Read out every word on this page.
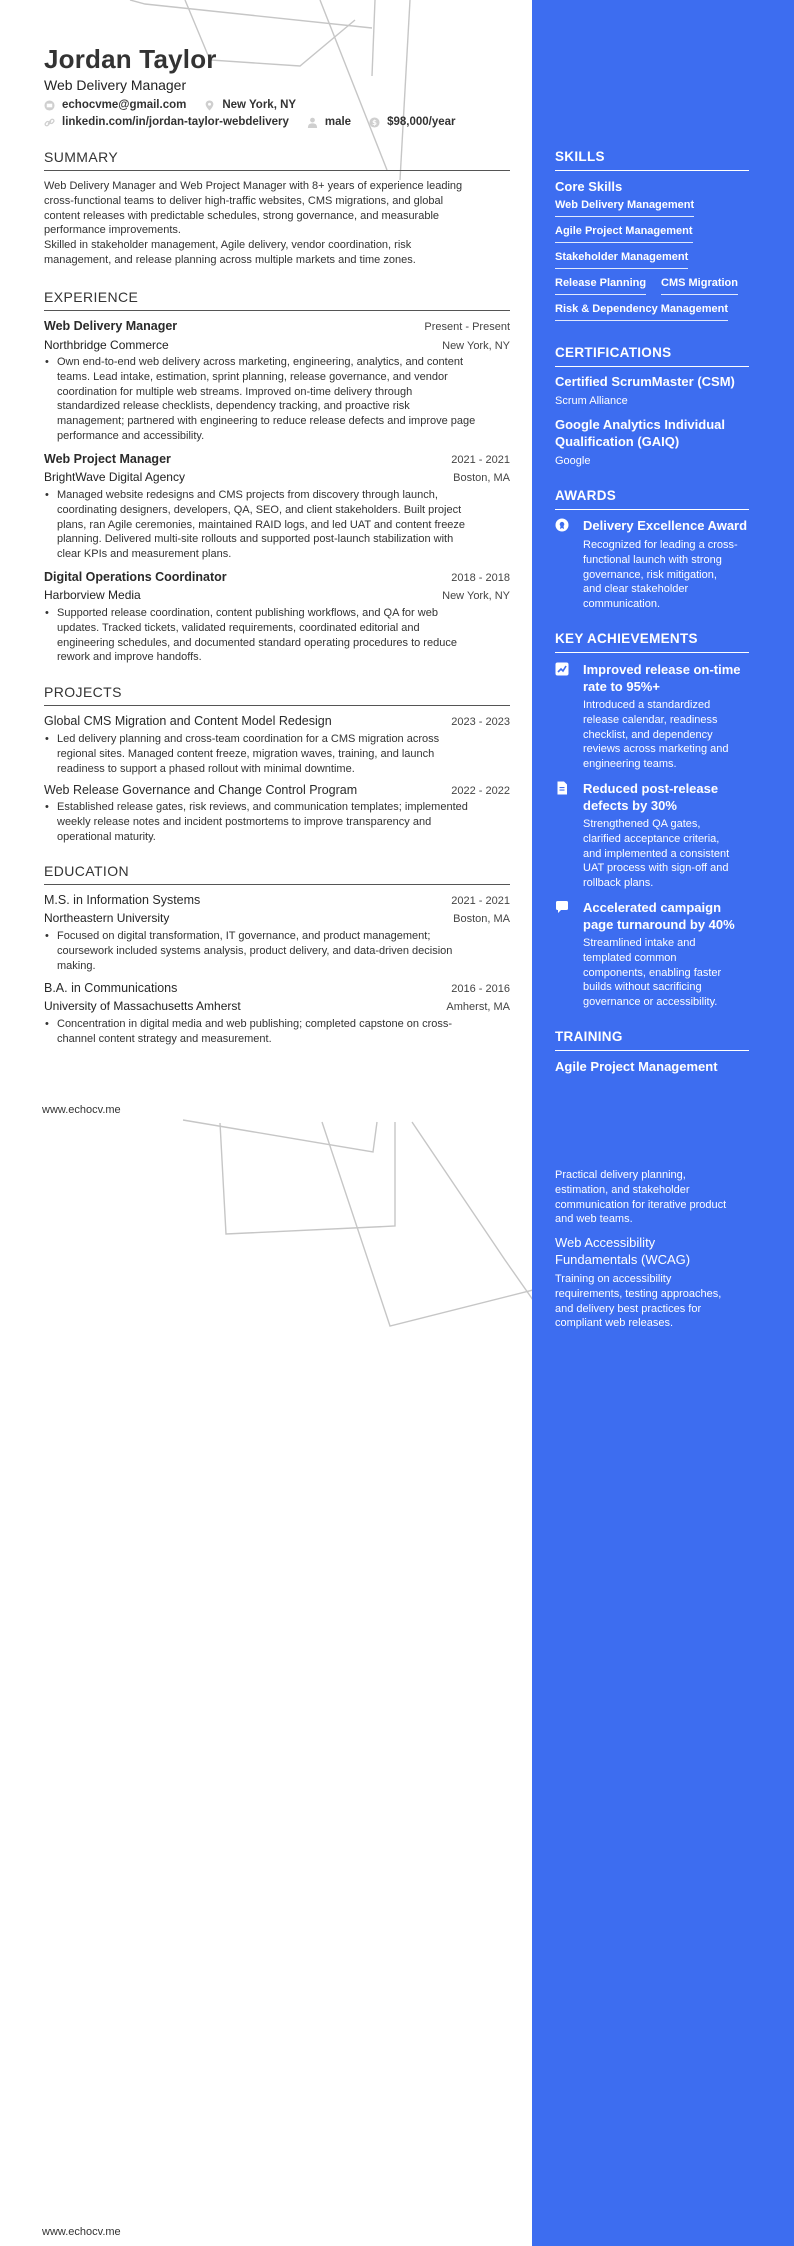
Jordan Taylor
Web Delivery Manager
echocvme@gmail.com	New York, NY
linkedin.com/in/jordan-taylor-webdelivery	male	$ $98,000/year
SUMMARY
Web Delivery Manager and Web Project Manager with 8+ years of experience leading
cross-functional teams to deliver high-traffic websites, CMS migrations, and global
content releases with predictable schedules, strong governance, and measurable
performance improvements.
Skilled in stakeholder management, Agile delivery, vendor coordination, risk
management, and release planning across multiple markets and time zones.
EXPERIENCE
Web Delivery Manager	Present - Present
Northbridge Commerce	New York, NY
• Own end-to-end web delivery across marketing, engineering, analytics, and content
teams. Lead intake, estimation, sprint planning, release governance, and vendor
coordination for multiple web streams. Improved on-time delivery through
standardized release checklists, dependency tracking, and proactive risk
management; partnered with engineering to reduce release defects and improve page
performance and accessibility.
Web Project Manager	2021 - 2021
BrightWave Digital Agency	Boston, MA
• Managed website redesigns and CMS projects from discovery through launch,
coordinating designers, developers, QA, SEO, and client stakeholders. Built project
plans, ran Agile ceremonies, maintained RAID logs, and led UAT and content freeze
planning. Delivered multi-site rollouts and supported post-launch stabilization with
clear KPIs and measurement plans.
Digital Operations Coordinator	2018 - 2018
Harborview Media	New York, NY
• Supported release coordination, content publishing workflows, and QA for web
updates. Tracked tickets, validated requirements, coordinated editorial and
engineering schedules, and documented standard operating procedures to reduce
rework and improve handoffs.
PROJECTS
Global CMS Migration and Content Model Redesign	2023 - 2023
• Led delivery planning and cross-team coordination for a CMS migration across
regional sites. Managed content freeze, migration waves, training, and launch
readiness to support a phased rollout with minimal downtime.
Web Release Governance and Change Control Program	2022 - 2022
• Established release gates, risk reviews, and communication templates; implemented
weekly release notes and incident postmortems to improve transparency and
operational maturity.
EDUCATION
M.S. in Information Systems	2021 - 2021
Northeastern University	Boston, MA
• Focused on digital transformation, IT governance, and product management;
coursework included systems analysis, product delivery, and data-driven decision
making.
B.A. in Communications	2016 - 2016
University of Massachusetts Amherst	Amherst, MA
• Concentration in digital media and web publishing; completed capstone on cross-
channel content strategy and measurement.
www.echocv.me
www.echocv.me
SKILLS
Core Skills
Web Delivery Management
Agile Project Management
Stakeholder Management
Release Planning CMS Migration
Risk & Dependency Management
CERTIFICATIONS
Certified ScrumMaster (CSM)
Scrum Alliance
Google Analytics Individual
Qualification (GAIQ)
Google
AWARDS
Delivery Excellence Award
Recognized for leading a cross-
functional launch with strong
governance, risk mitigation,
and clear stakeholder
communication.
KEY ACHIEVEMENTS
Improved release on-time
rate to 95%+
Introduced a standardized
release calendar, readiness
checklist, and dependency
reviews across marketing and
engineering teams.
Reduced post-release
defects by 30%
Strengthened QA gates,
clarified acceptance criteria,
and implemented a consistent
UAT process with sign-off and
rollback plans.
Accelerated campaign
page turnaround by 40%
Streamlined intake and
templated common
components, enabling faster
builds without sacrificing
governance or accessibility.
TRAINING
Agile Project Management
Practical delivery planning,
estimation, and stakeholder
communication for iterative product
and web teams.
Web Accessibility
Fundamentals (WCAG)
Training on accessibility
requirements, testing approaches,
and delivery best practices for
compliant web releases.
